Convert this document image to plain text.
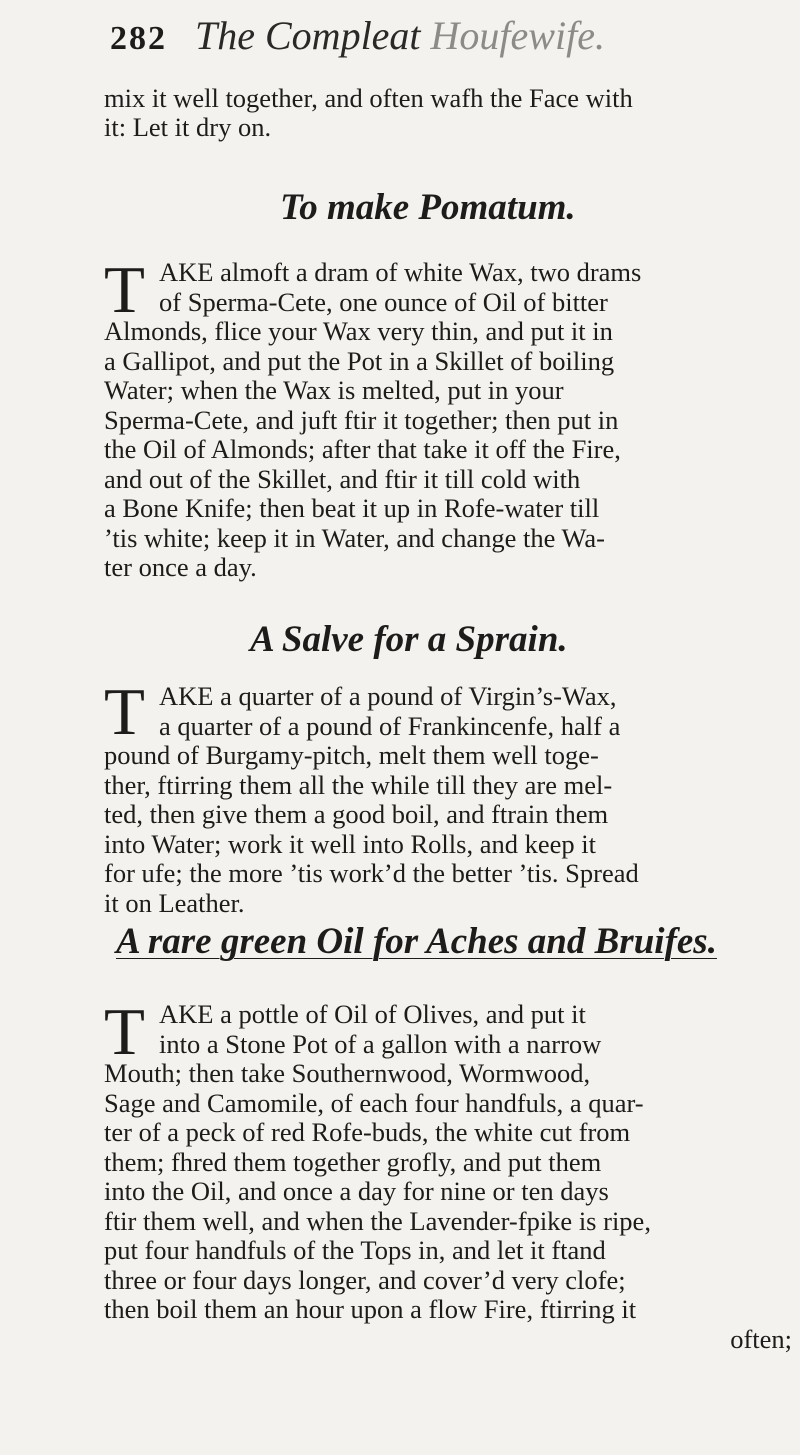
282 The Compleat Houfewife.

mix it well together, and often wafh the Face with

it: Let it dry on.

To make Pomatum.
T AKE almoft a dram of white Wax, two drams

of Sperma-Cete, one ounce of Oil of bitter

Almonds, flice your Wax very thin, and put it in

a Gallipot, and put the Pot in a Skillet of boiling

Water; when the Wax is melted, put in your

Sperma-Cete, and juft ftir it together; then put in

the Oil of Almonds; after that take it off the Fire,

and out of the Skillet, and ftir it till cold with

a Bone Knife; then beat it up in Rofe-water till

’tis white; keep it in Water, and change the Wa-

ter once a day.

A Salve for a Sprain.
T AKE a quarter of a pound of Virgin’s-Wax,

a quarter of a pound of Frankincenfe, half a

pound of Burgamy-pitch, melt them well toge-

ther, ftirring them all the while till they are mel-

ted, then give them a good boil, and ftrain them

into Water; work it well into Rolls, and keep it

for ufe; the more ’tis work’d the better ’tis. Spread

it on Leather.

A rare green Oil for Aches and Bruifes.
T AKE a pottle of Oil of Olives, and put it

into a Stone Pot of a gallon with a narrow

Mouth; then take Southernwood, Wormwood,

Sage and Camomile, of each four handfuls, a quar-

ter of a peck of red Rofe-buds, the white cut from

them; fhred them together grofly, and put them

into the Oil, and once a day for nine or ten days

ftir them well, and when the Lavender-fpike is ripe,

put four handfuls of the Tops in, and let it ftand

three or four days longer, and cover’d very clofe;

then boil them an hour upon a flow Fire, ftirring it

often;
